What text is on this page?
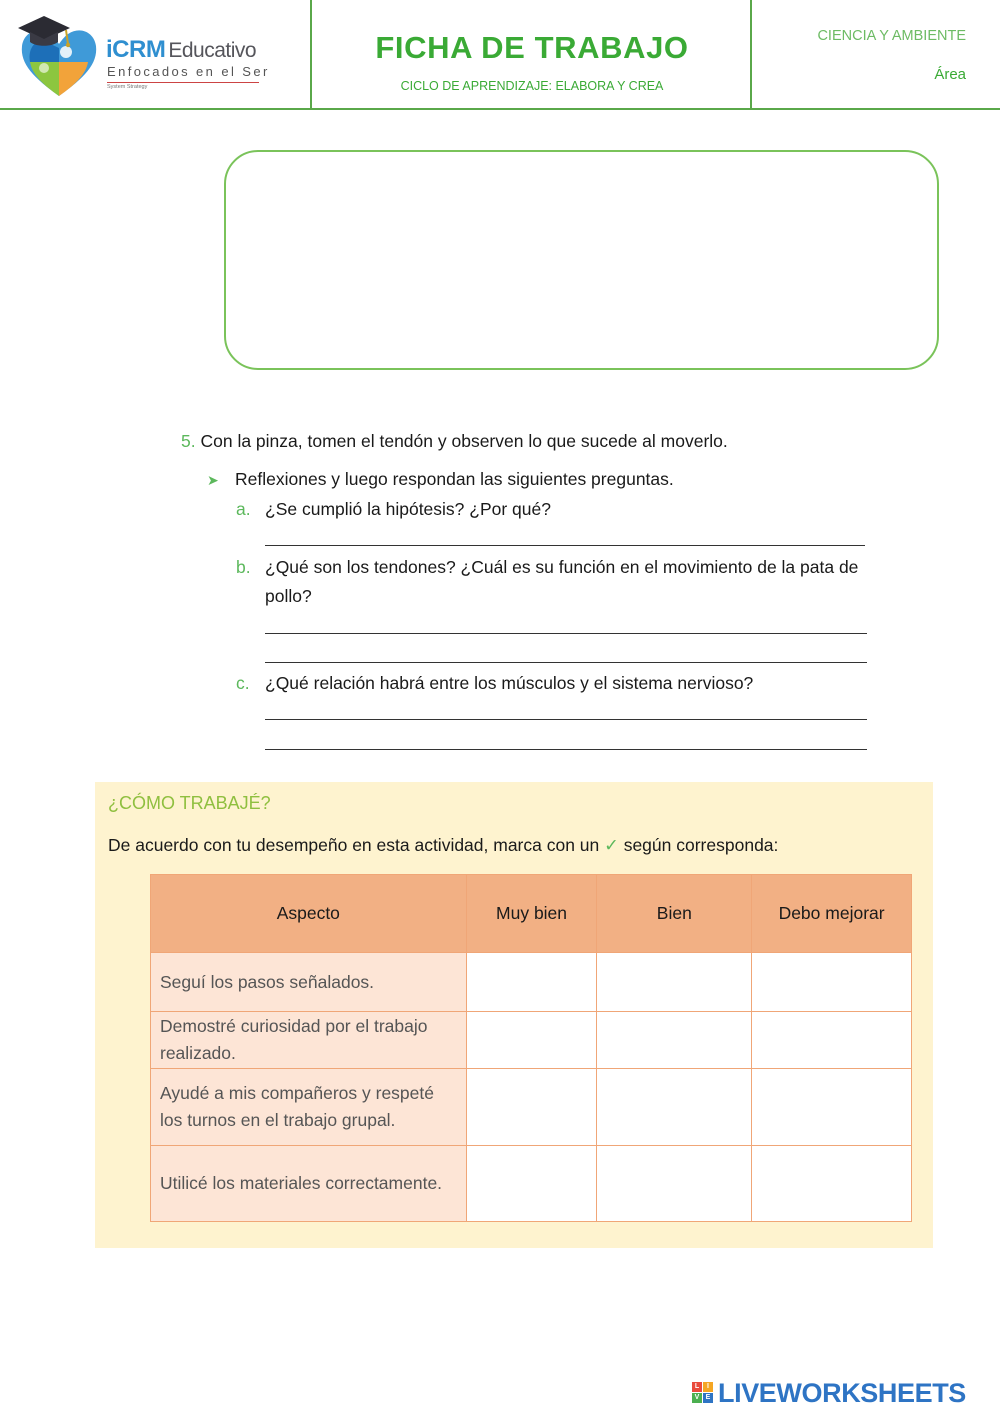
iCRM Educativo
Enfocados en el Ser
System Strategy
FICHA DE TRABAJO
CICLO DE APRENDIZAJE: ELABORA Y CREA
CIENCIA Y AMBIENTE
Área
5. Con la pinza, tomen el tendón y observen lo que sucede al moverlo.
➤ Reflexiones y luego respondan las siguientes preguntas.
a. ¿Se cumplió la hipótesis? ¿Por qué?
b. ¿Qué son los tendones? ¿Cuál es su función en el movimiento de la pata de pollo?
c. ¿Qué relación habrá entre los músculos y el sistema nervioso?
¿CÓMO TRABAJÉ?
De acuerdo con tu desempeño en esta actividad, marca con un ✓ según corresponda:
Aspecto	Muy bien	Bien	Debo mejorar
Seguí los pasos señalados.			
Demostré curiosidad por el trabajo realizado.			
Ayudé a mis compañeros y respeté los turnos en el trabajo grupal.			
Utilicé los materiales correctamente.			
L	I
V E LIVEWORKSHEETS
